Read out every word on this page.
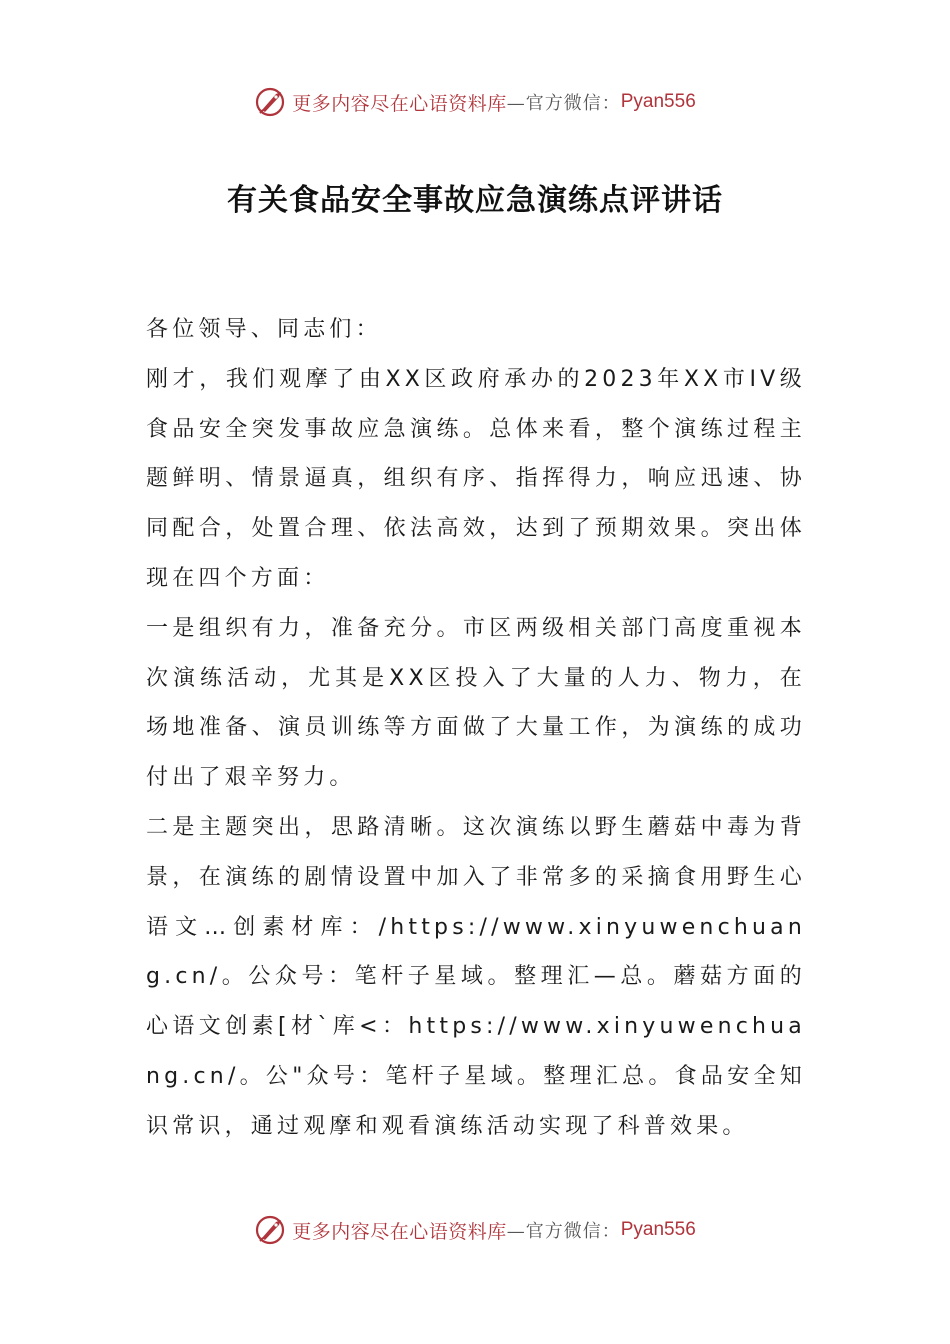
更多内容尽在心语资料库 —官方微信： Pyan556
有关食品安全事故应急演练点评讲话

各位领导、同志们：

刚才，我们观摩了由XX区政府承办的2023年XX市IV级食品安全突发事故应急演练。总体来看，整个演练过程主题鲜明、情景逼真，组织有序、指挥得力，响应迅速、协同配合，处置合理、依法高效，达到了预期效果。突出体现在四个方面：

一是组织有力，准备充分。市区两级相关部门高度重视本次演练活动，尤其是XX区投入了大量的人力、物力，在场地准备、演员训练等方面做了大量工作，为演练的成功付出了艰辛努力。

二是主题突出，思路清晰。这次演练以野生蘑菇中毒为背景，在演练的剧情设置中加入了非常多的采摘食用野生心语文…创素材库：/https://www.xinyuwenchuang.cn/。公众号：笔杆子星域。整理汇—总。蘑菇方面的心语文创素[材`库<：https://www.xinyuwenchuang.cn/。公"众号：笔杆子星域。整理汇总。食品安全知识常识，通过观摩和观看演练活动实现了科普效果。

更多内容尽在心语资料库 —官方微信： Pyan556
